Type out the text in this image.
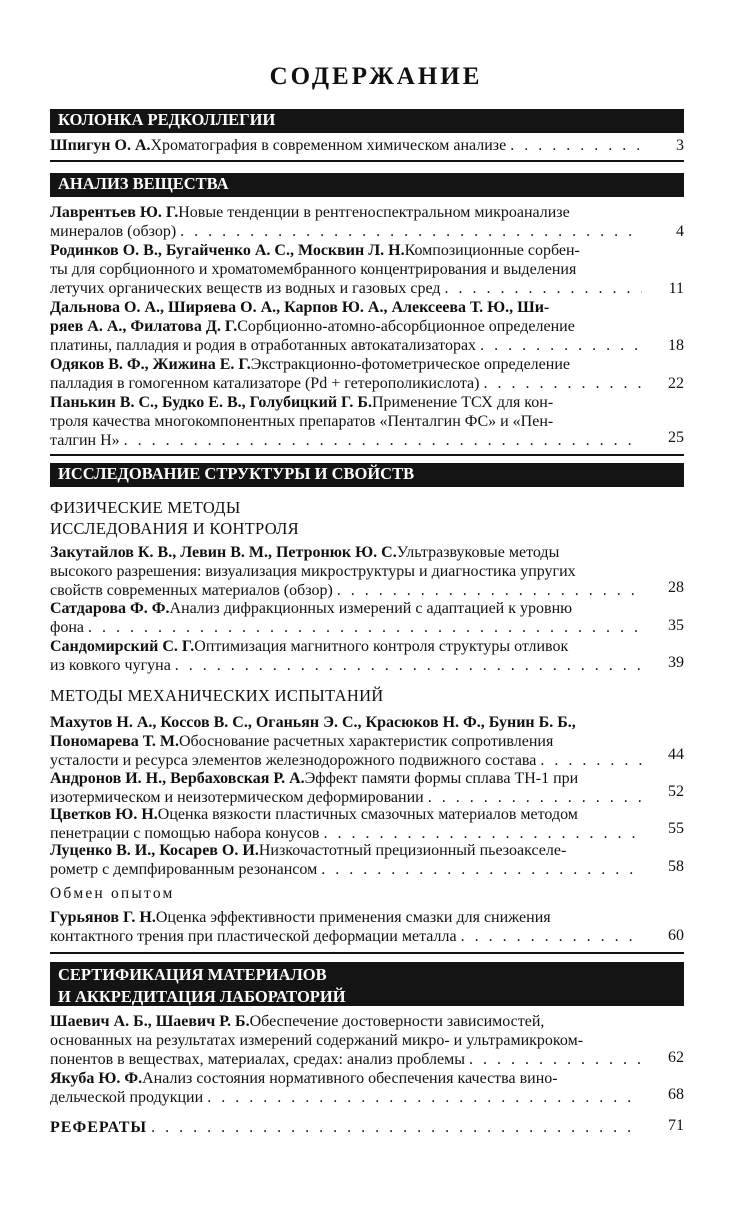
СОДЕРЖАНИЕ
КОЛОНКА РЕДКОЛЛЕГИИ
Шпигун О. А. Хроматография в современном химическом анализе . . .	3
АНАЛИЗ ВЕЩЕСТВА
Лаврентьев Ю. Г. Новые тенденции в рентгеноспектральном микроанализе
минералов (обзор) . . .	4
Родинков О. В., Бугайченко А. С., Москвин Л. Н. Композиционные сорбен-
ты для сорбционного и хроматомембранного концентрирования и выделения
летучих органических веществ из водных и газовых сред . . .	11
Дальнова О. А., Ширяева О. А., Карпов Ю. А., Алексеева Т. Ю., Ши-
ряев А. А., Филатова Д. Г. Сорбционно-атомно-абсорбционное определение
платины, палладия и родия в отработанных автокатализаторах . . .	18
Одяков В. Ф., Жижина Е. Г. Экстракционно-фотометрическое определение
палладия в гомогенном катализаторе (Pd + гетерополикислота) . . .	22
Панькин В. С., Будко Е. В., Голубицкий Г. Б. Применение ТСХ для кон-
троля качества многокомпонентных препаратов «Пенталгин ФС» и «Пен-
талгин Н» . . .	25
ИССЛЕДОВАНИЕ СТРУКТУРЫ И СВОЙСТВ
ФИЗИЧЕСКИЕ МЕТОДЫ
ИССЛЕДОВАНИЯ И КОНТРОЛЯ
Закутайлов К. В., Левин В. М., Петронюк Ю. С. Ультразвуковые методы
высокого разрешения: визуализация микроструктуры и диагностика упругих
свойств современных материалов (обзор) . . .	28
Сатдарова Ф. Ф. Анализ дифракционных измерений с адаптацией к уровню
фона . . .	35
Сандомирский С. Г. Оптимизация магнитного контроля структуры отливок
из ковкого чугуна . . .	39
МЕТОДЫ МЕХАНИЧЕСКИХ ИСПЫТАНИЙ
Махутов Н. А., Коссов В. С., Оганьян Э. С., Красюков Н. Ф., Бунин Б. Б.,
Пономарева Т. М. Обоснование расчетных характеристик сопротивления
усталости и ресурса элементов железнодорожного подвижного состава . . .	44
Андронов И. Н., Вербаховская Р. А. Эффект памяти формы сплава ТН-1 при
изотермическом и неизотермическом деформировании . . .	52
Цветков Ю. Н. Оценка вязкости пластичных смазочных материалов методом
пенетрации с помощью набора конусов . . .	55
Луценко В. И., Косарев О. И. Низкочастотный прецизионный пьезоакселе-
рометр с демпфированным резонансом . . .	58
Обмен опытом
Гурьянов Г. Н. Оценка эффективности применения смазки для снижения
контактного трения при пластической деформации металла . . .	60
СЕРТИФИКАЦИЯ МАТЕРИАЛОВ
И АККРЕДИТАЦИЯ ЛАБОРАТОРИЙ
Шаевич А. Б., Шаевич Р. Б. Обеспечение достоверности зависимостей,
основанных на результатах измерений содержаний микро- и ультрамикроком-
понентов в веществах, материалах, средах: анализ проблемы . . .	62
Якуба Ю. Ф. Анализ состояния нормативного обеспечения качества вино-
дельческой продукции . . .	68
РЕФЕРАТЫ . . .	71
